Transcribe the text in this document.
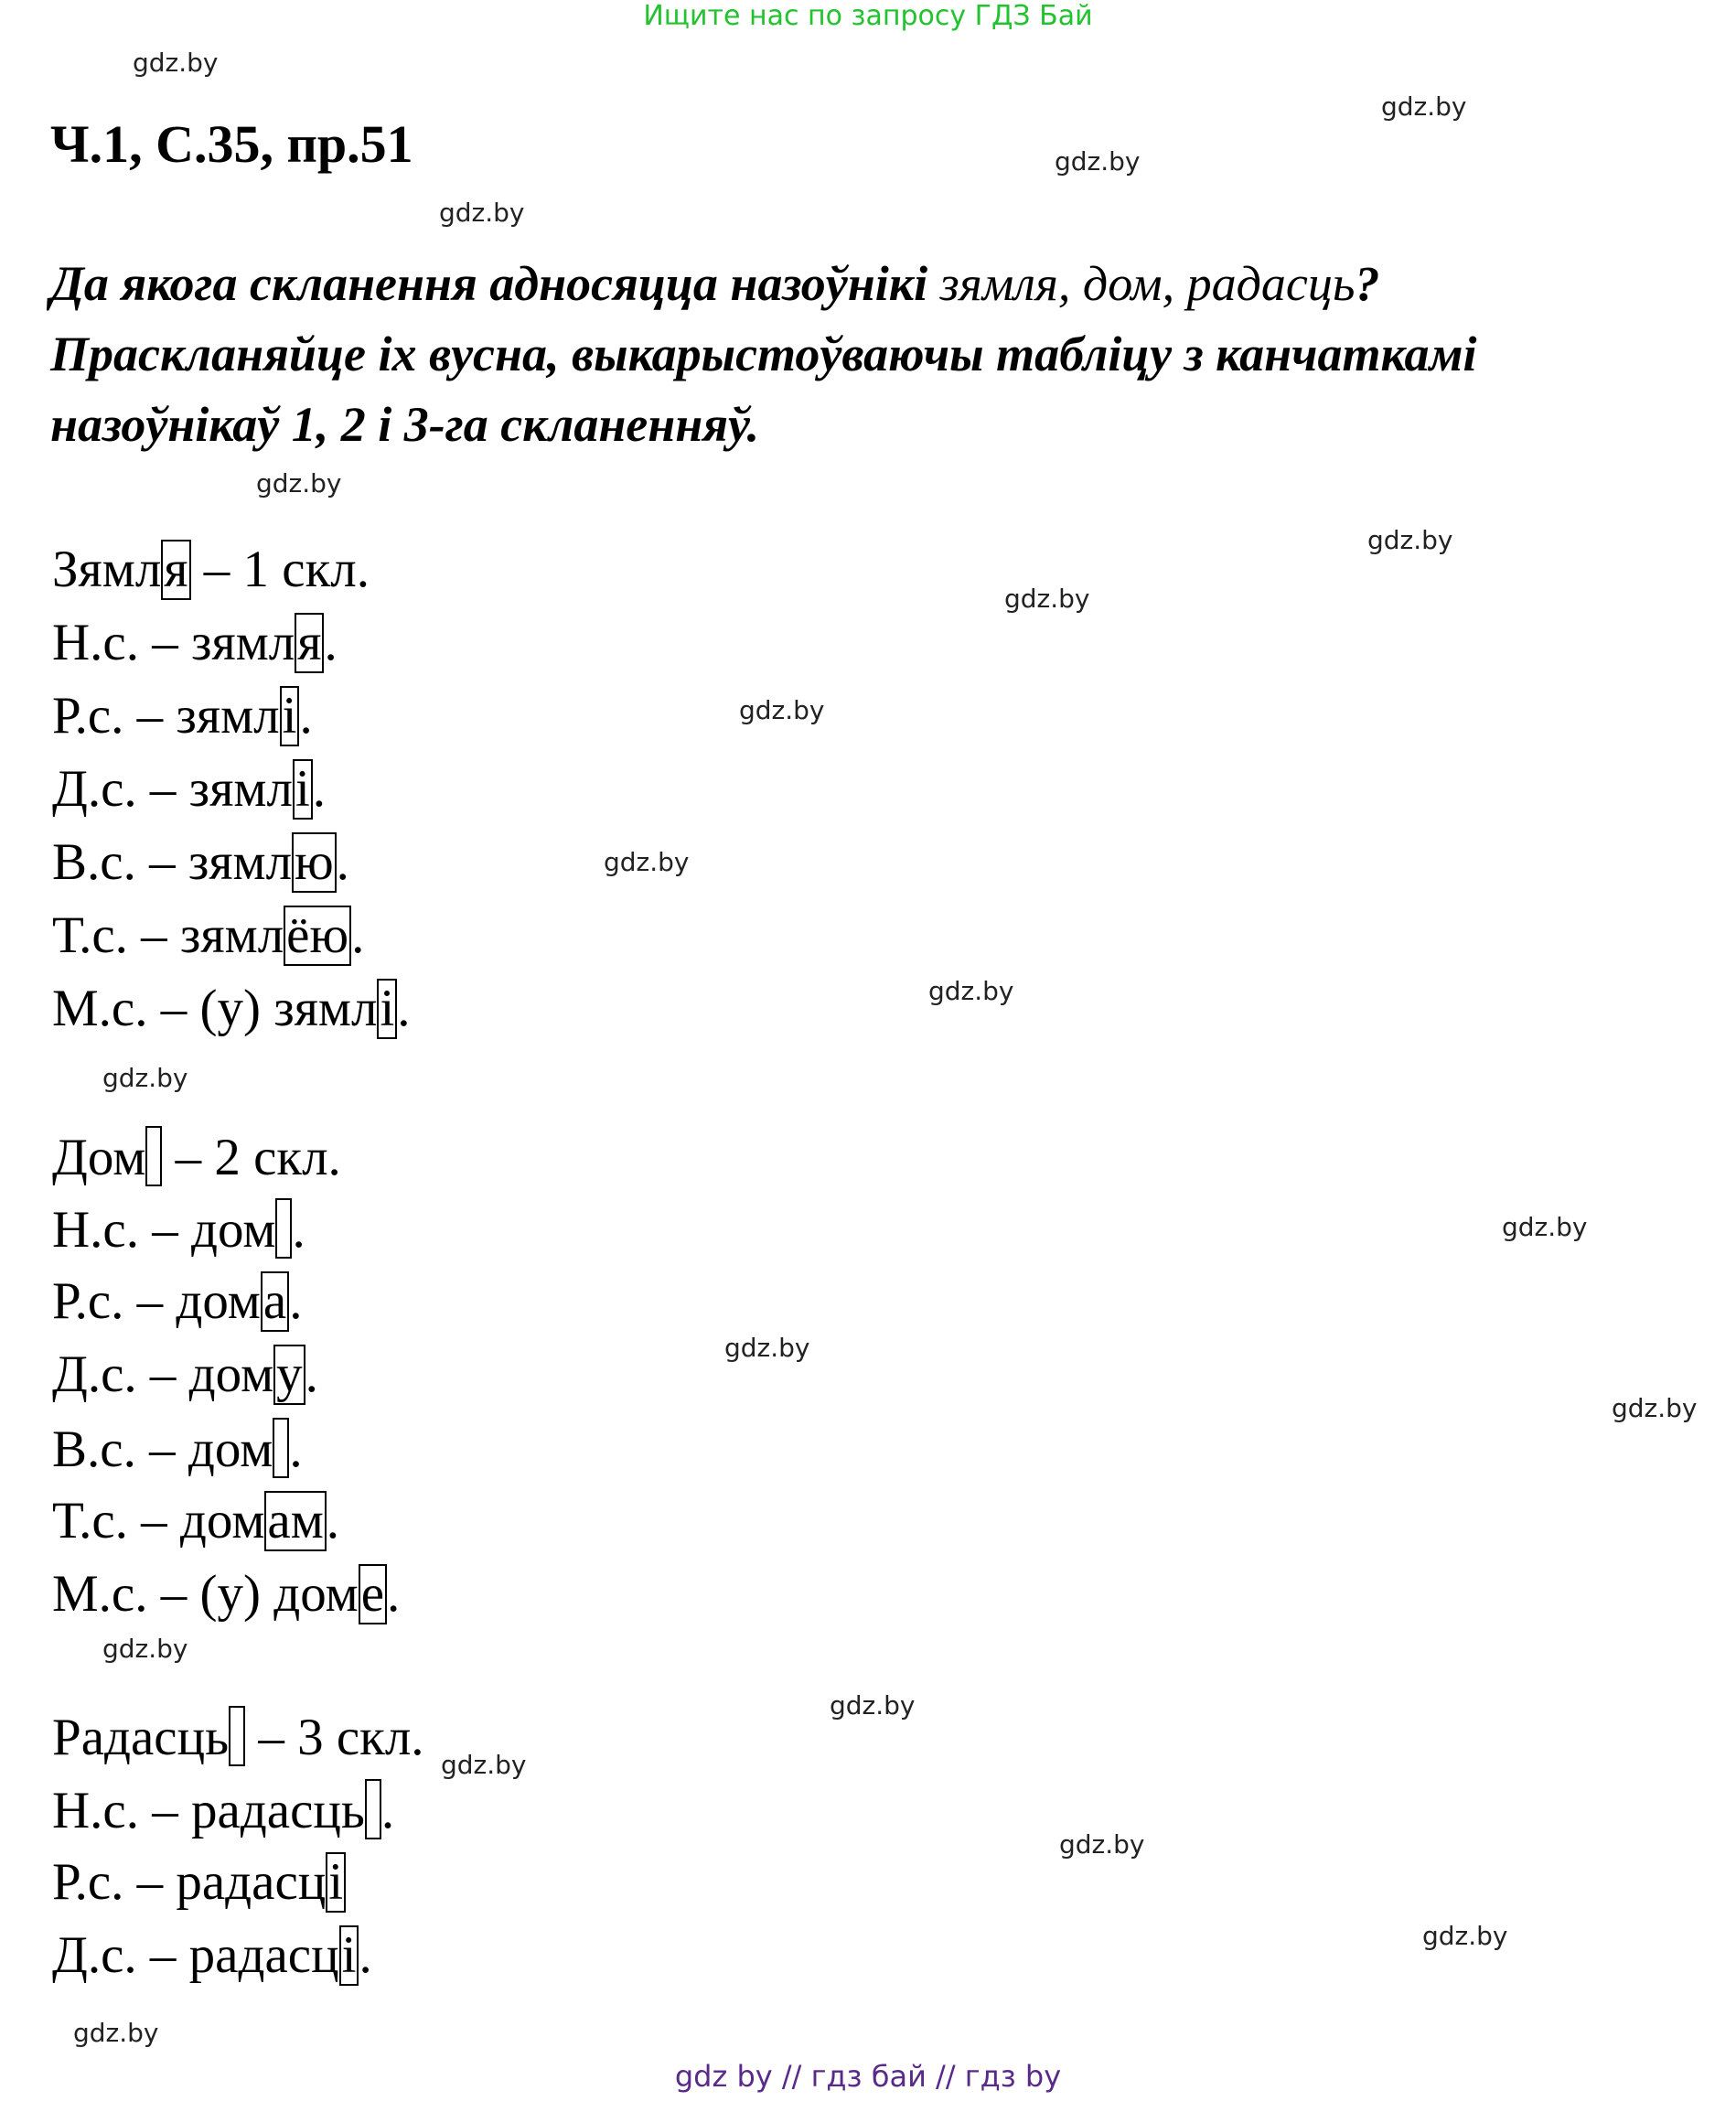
Ищите нас по запросу ГДЗ Бай
gdz.by
gdz.by
gdz.by
gdz.by
gdz.by
gdz.by
gdz.by
gdz.by
gdz.by
gdz.by
gdz.by
gdz.by
gdz.by
gdz.by
gdz.by
gdz.by
gdz.by
gdz.by
gdz.by
gdz.by
Ч.1, С.35, пр.51
Да якога скланення адносяцца назоўнікі зямля, дом, радасць?
Праскланяйце іх вусна, выкарыстоўваючы табліцу з канчаткамі
назоўнікаў 1, 2 і 3-га скланенняў.
Зямля – 1 скл.
Н.с. – зямля.
Р.с. – зямлі.
Д.с. – зямлі.
В.с. – зямлю.
Т.с. – зямлёю.
М.с. – (у) зямлі.
Дом – 2 скл.
Н.с. – дом .
Р.с. – дома.
Д.с. – дому.
В.с. – дом .
Т.с. – домам.
М.с. – (у) доме.
Радасць – 3 скл.
Н.с. – радасць .
Р.с. – радасці
Д.с. – радасці.
gdz by // гдз бай // гдз by
